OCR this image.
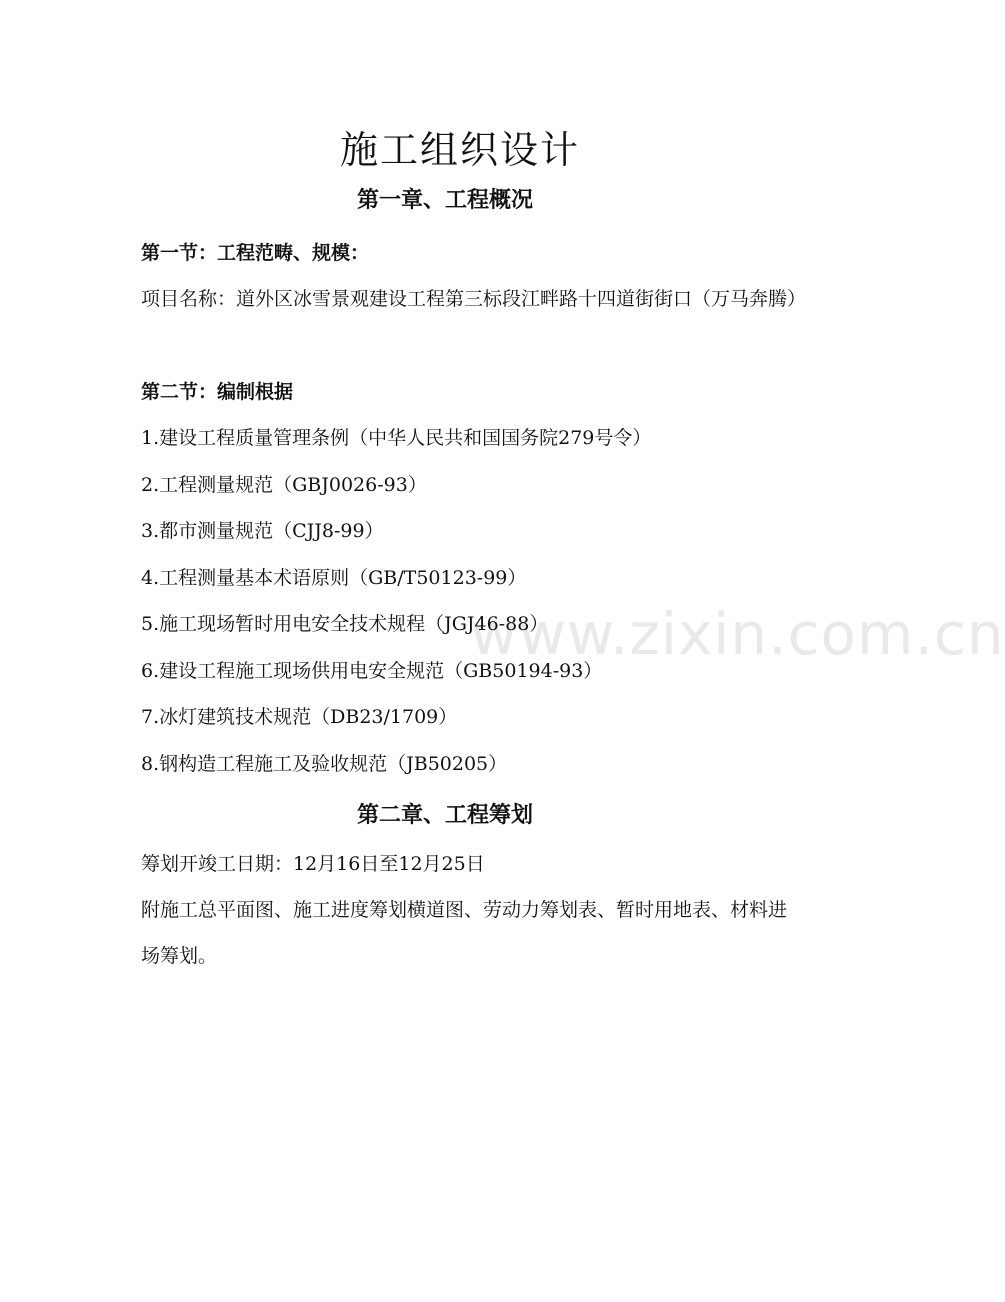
www.zixin.com.cn
施工组织设计
第一章、工程概况
第一节：工程范畴、规模：
项目名称：道外区冰雪景观建设工程第三标段江畔路十四道街街口（万马奔腾）
第二节：编制根据
1.建设工程质量管理条例（中华人民共和国国务院279号令）
2.工程测量规范（GBJ0026-93）
3.都市测量规范（CJJ8-99）
4.工程测量基本术语原则（GB/T50123-99）
5.施工现场暂时用电安全技术规程（JGJ46-88）
6.建设工程施工现场供用电安全规范（GB50194-93）
7.冰灯建筑技术规范（DB23/1709）
8.钢构造工程施工及验收规范（JB50205）
第二章、工程筹划
筹划开竣工日期：12月16日至12月25日
附施工总平面图、施工进度筹划横道图、劳动力筹划表、暂时用地表、材料进场筹划。
